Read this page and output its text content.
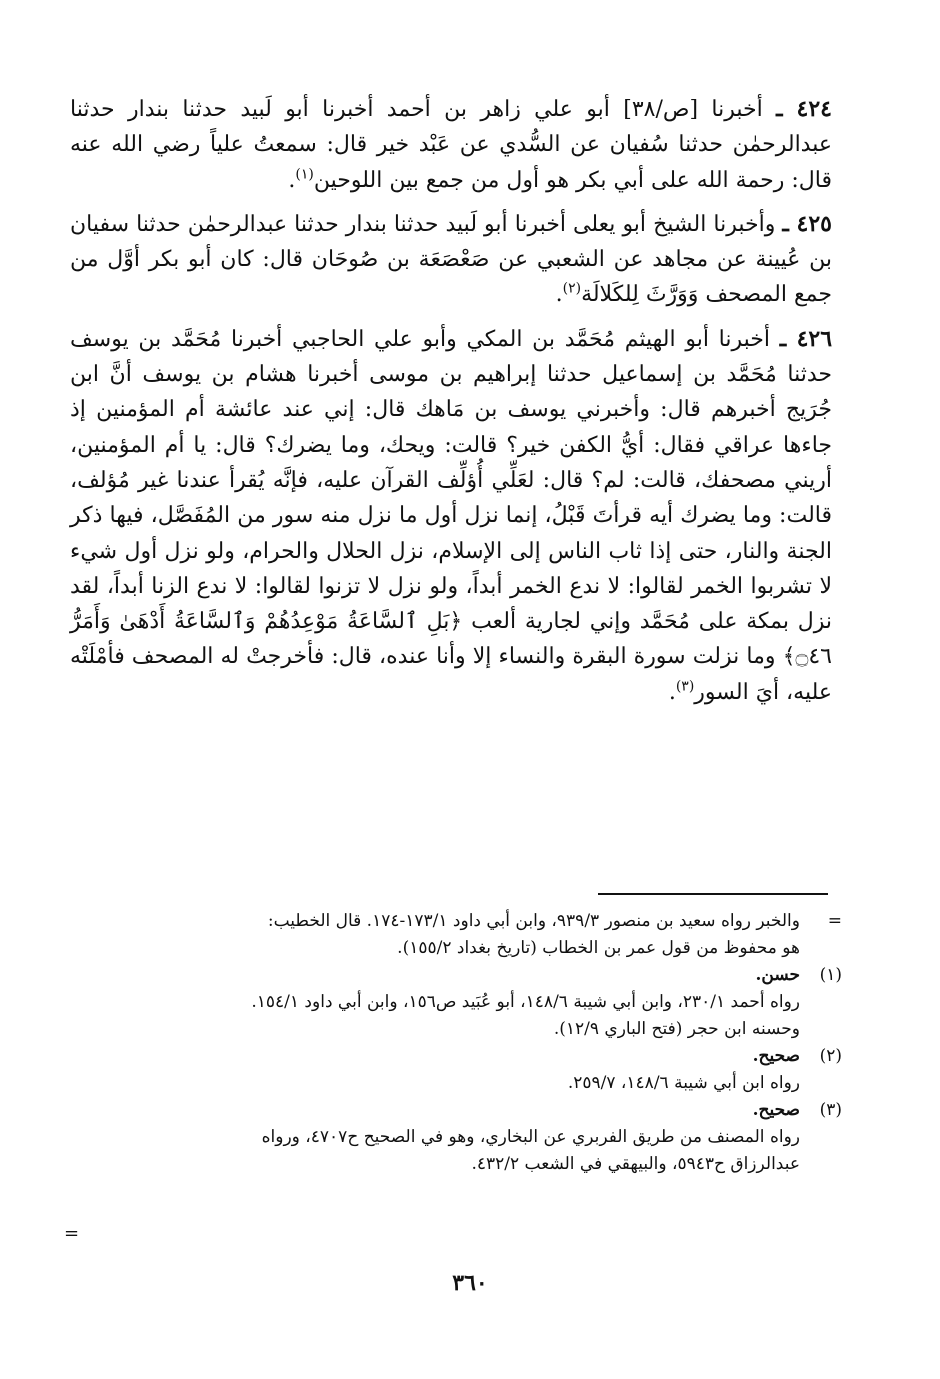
٤٢٤ ـ أخبرنا [ص/٣٨] أبو علي زاهر بن أحمد أخبرنا أبو لَبيد حدثنا بندار حدثنا عبدالرحمٰن حدثنا سُفيان عن السُّدي عن عَبْد خير قال: سمعتُ علياً رضي الله عنه قال: رحمة الله على أبي بكر هو أول من جمع بين اللوحين$^{(١)}$.

٤٢٥ ـ وأخبرنا الشيخ أبو يعلى أخبرنا أبو لَبيد حدثنا بندار حدثنا عبدالرحمٰن حدثنا سفيان بن عُيينة عن مجاهد عن الشعبي عن صَعْصَعَة بن صُوحَان قال: كان أبو بكر أوَّل من جمع المصحف وَوَرَّثَ لِلكَلالَة$^{(٢)}$.

٤٢٦ ـ أخبرنا أبو الهيثم مُحَمَّد بن المكي وأبو علي الحاجبي أخبرنا مُحَمَّد بن يوسف حدثنا مُحَمَّد بن إسماعيل حدثنا إبراهيم بن موسى أخبرنا هشام بن يوسف أنَّ ابن جُرَيج أخبرهم قال: وأخبرني يوسف بن مَاهك قال: إني عند عائشة أم المؤمنين إذ جاءها عراقي فقال: أيُّ الكفن خير؟ قالت: ويحك، وما يضرك؟ قال: يا أم المؤمنين، أريني مصحفك، قالت: لم؟ قال: لعَلِّي أُؤلِّف القرآن عليه، فإنَّه يُقرأ عندنا غير مُؤلف، قالت: وما يضرك أيه قرأتَ قَبْلُ، إنما نزل أول ما نزل منه سور من المُفَصَّل، فيها ذكر الجنة والنار، حتى إذا ثاب الناس إلى الإسلام، نزل الحلال والحرام، ولو نزل أول شيء لا تشربوا الخمر لقالوا: لا ندع الخمر أبداً، ولو نزل لا تزنوا لقالوا: لا ندع الزنا أبداً، لقد نزل بمكة على مُحَمَّد وإني لجارية ألعب ﴿بَلِ ٱلسَّاعَةُ مَوْعِدُهُمْ وَٱلسَّاعَةُ أَدْهَىٰ وَأَمَرُّ ۝٤٦﴾ وما نزلت سورة البقرة والنساء إلا وأنا عنده، قال: فأخرجتْ له المصحف فأمْلَتْه عليه، أيَ السور$^{(٣)}$.

=
والخبر رواه سعيد بن منصور ٩٣٩/٣، وابن أبي داود ١٧٣/١-١٧٤. قال الخطيب:
هو محفوظ من قول عمر بن الخطاب (تاريخ بغداد ١٥٥/٢).
(١)
حسن.
رواه أحمد ٢٣٠/١، وابن أبي شيبة ١٤٨/٦، أبو عُبَيد ص١٥٦، وابن أبي داود ١٥٤/١.
وحسنه ابن حجر (فتح الباري ١٢/٩).
(٢)
صحيح.
رواه ابن أبي شيبة ١٤٨/٦، ٢٥٩/٧.
(٣)
صحيح.
رواه المصنف من طريق الفربري عن البخاري، وهو في الصحيح ح٤٧٠٧، ورواه
عبدالرزاق ح٥٩٤٣، والبيهقي في الشعب ٤٣٢/٢.
=
٣٦٠
